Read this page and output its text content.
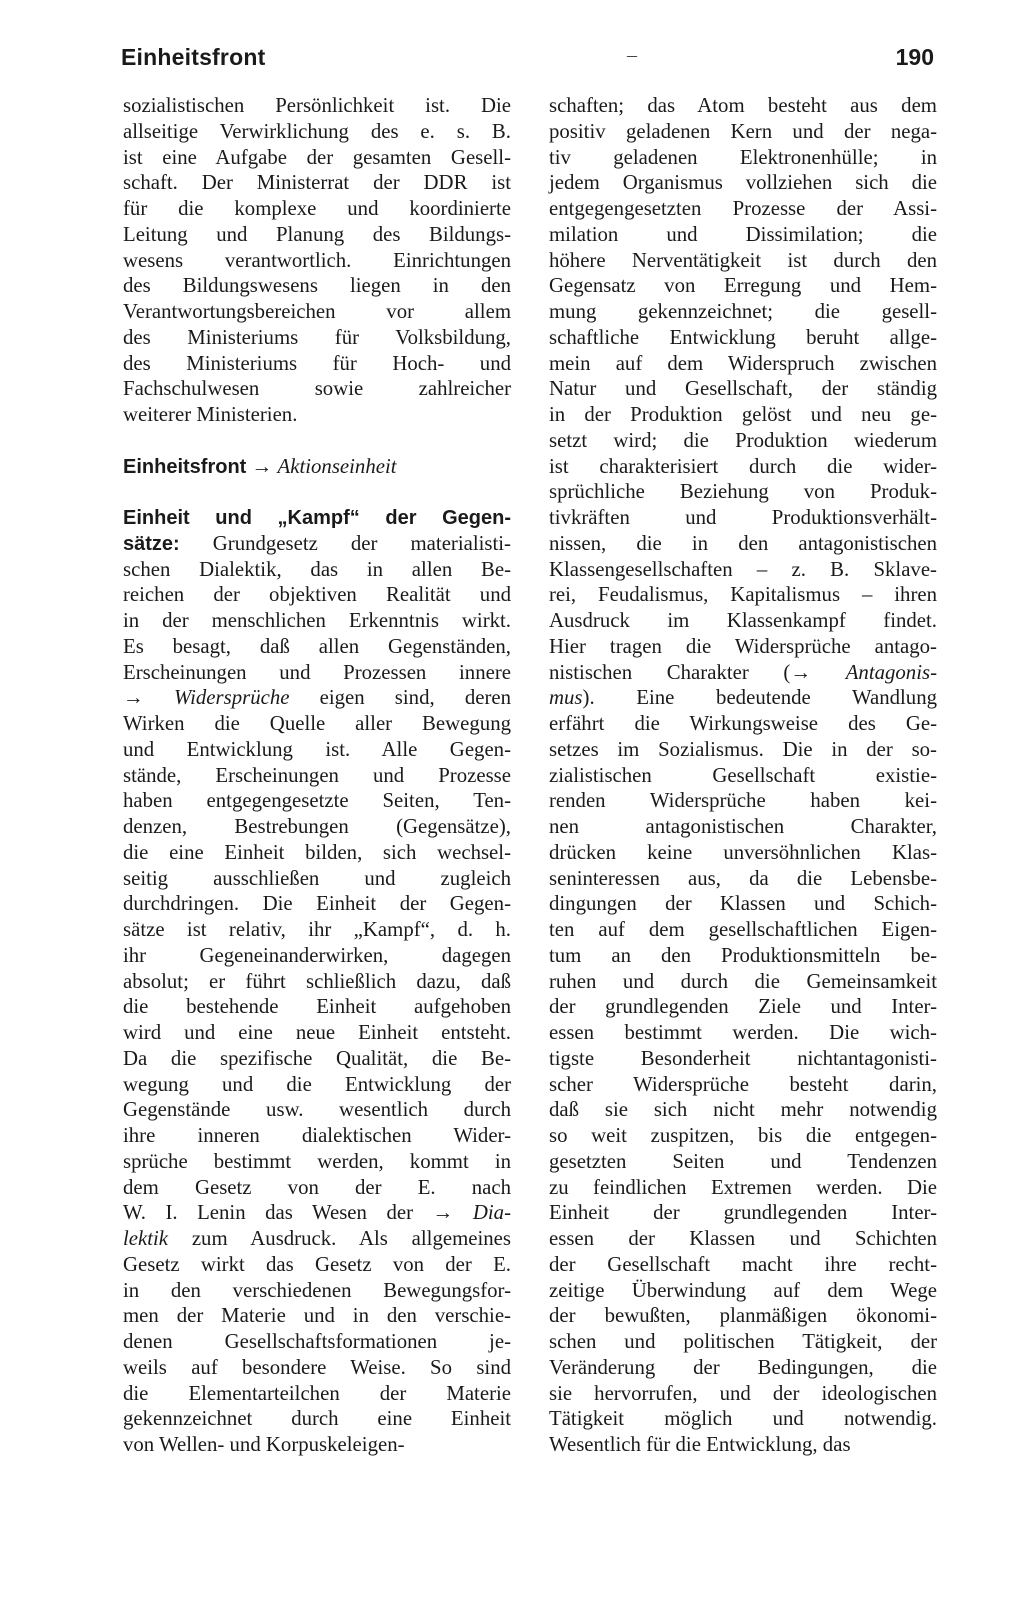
Einheitsfront	–	190
sozialistischen Persönlichkeit ist. Die
allseitige Verwirklichung des e. s. B.
ist eine Aufgabe der gesamten Gesell-
schaft. Der Ministerrat der DDR ist
für die komplexe und koordinierte
Leitung und Planung des Bildungs-
wesens verantwortlich. Einrichtungen
des Bildungswesens liegen in den
Verantwortungsbereichen vor allem
des Ministeriums für Volksbildung,
des Ministeriums für Hoch- und
Fachschulwesen sowie zahlreicher
weiterer Ministerien.
Einheitsfront → Aktionseinheit
Einheit und „Kampf“ der Gegen-
sätze: Grundgesetz der materialisti-
schen Dialektik, das in allen Be-
reichen der objektiven Realität und
in der menschlichen Erkenntnis wirkt.
Es besagt, daß allen Gegenständen,
Erscheinungen und Prozessen innere
→ Widersprüche eigen sind, deren
Wirken die Quelle aller Bewegung
und Entwicklung ist. Alle Gegen-
stände, Erscheinungen und Prozesse
haben entgegengesetzte Seiten, Ten-
denzen, Bestrebungen (Gegensätze),
die eine Einheit bilden, sich wechsel-
seitig ausschließen und zugleich
durchdringen. Die Einheit der Gegen-
sätze ist relativ, ihr „Kampf“, d. h.
ihr Gegeneinanderwirken, dagegen
absolut; er führt schließlich dazu, daß
die bestehende Einheit aufgehoben
wird und eine neue Einheit entsteht.
Da die spezifische Qualität, die Be-
wegung und die Entwicklung der
Gegenstände usw. wesentlich durch
ihre inneren dialektischen Wider-
sprüche bestimmt werden, kommt in
dem Gesetz von der E. nach
W. I. Lenin das Wesen der → Dia-
lektik zum Ausdruck. Als allgemeines
Gesetz wirkt das Gesetz von der E.
in den verschiedenen Bewegungsfor-
men der Materie und in den verschie-
denen Gesellschaftsformationen je-
weils auf besondere Weise. So sind
die Elementarteilchen der Materie
gekennzeichnet durch eine Einheit
von Wellen- und Korpuskeleigen-
schaften; das Atom besteht aus dem
positiv geladenen Kern und der nega-
tiv geladenen Elektronenhülle; in
jedem Organismus vollziehen sich die
entgegengesetzten Prozesse der Assi-
milation und Dissimilation; die
höhere Nerventätigkeit ist durch den
Gegensatz von Erregung und Hem-
mung gekennzeichnet; die gesell-
schaftliche Entwicklung beruht allge-
mein auf dem Widerspruch zwischen
Natur und Gesellschaft, der ständig
in der Produktion gelöst und neu ge-
setzt wird; die Produktion wiederum
ist charakterisiert durch die wider-
sprüchliche Beziehung von Produk-
tivkräften und Produktionsverhält-
nissen, die in den antagonistischen
Klassengesellschaften – z. B. Sklave-
rei, Feudalismus, Kapitalismus – ihren
Ausdruck im Klassenkampf findet.
Hier tragen die Widersprüche antago-
nistischen Charakter (→ Antagonis-
mus). Eine bedeutende Wandlung
erfährt die Wirkungsweise des Ge-
setzes im Sozialismus. Die in der so-
zialistischen Gesellschaft existie-
renden Widersprüche haben kei-
nen antagonistischen Charakter,
drücken keine unversöhnlichen Klas-
seninteressen aus, da die Lebensbe-
dingungen der Klassen und Schich-
ten auf dem gesellschaftlichen Eigen-
tum an den Produktionsmitteln be-
ruhen und durch die Gemeinsamkeit
der grundlegenden Ziele und Inter-
essen bestimmt werden. Die wich-
tigste Besonderheit nichtantagonisti-
scher Widersprüche besteht darin,
daß sie sich nicht mehr notwendig
so weit zuspitzen, bis die entgegen-
gesetzten Seiten und Tendenzen
zu feindlichen Extremen werden. Die
Einheit der grundlegenden Inter-
essen der Klassen und Schichten
der Gesellschaft macht ihre recht-
zeitige Überwindung auf dem Wege
der bewußten, planmäßigen ökonomi-
schen und politischen Tätigkeit, der
Veränderung der Bedingungen, die
sie hervorrufen, und der ideologischen
Tätigkeit möglich und notwendig.
Wesentlich für die Entwicklung, das
